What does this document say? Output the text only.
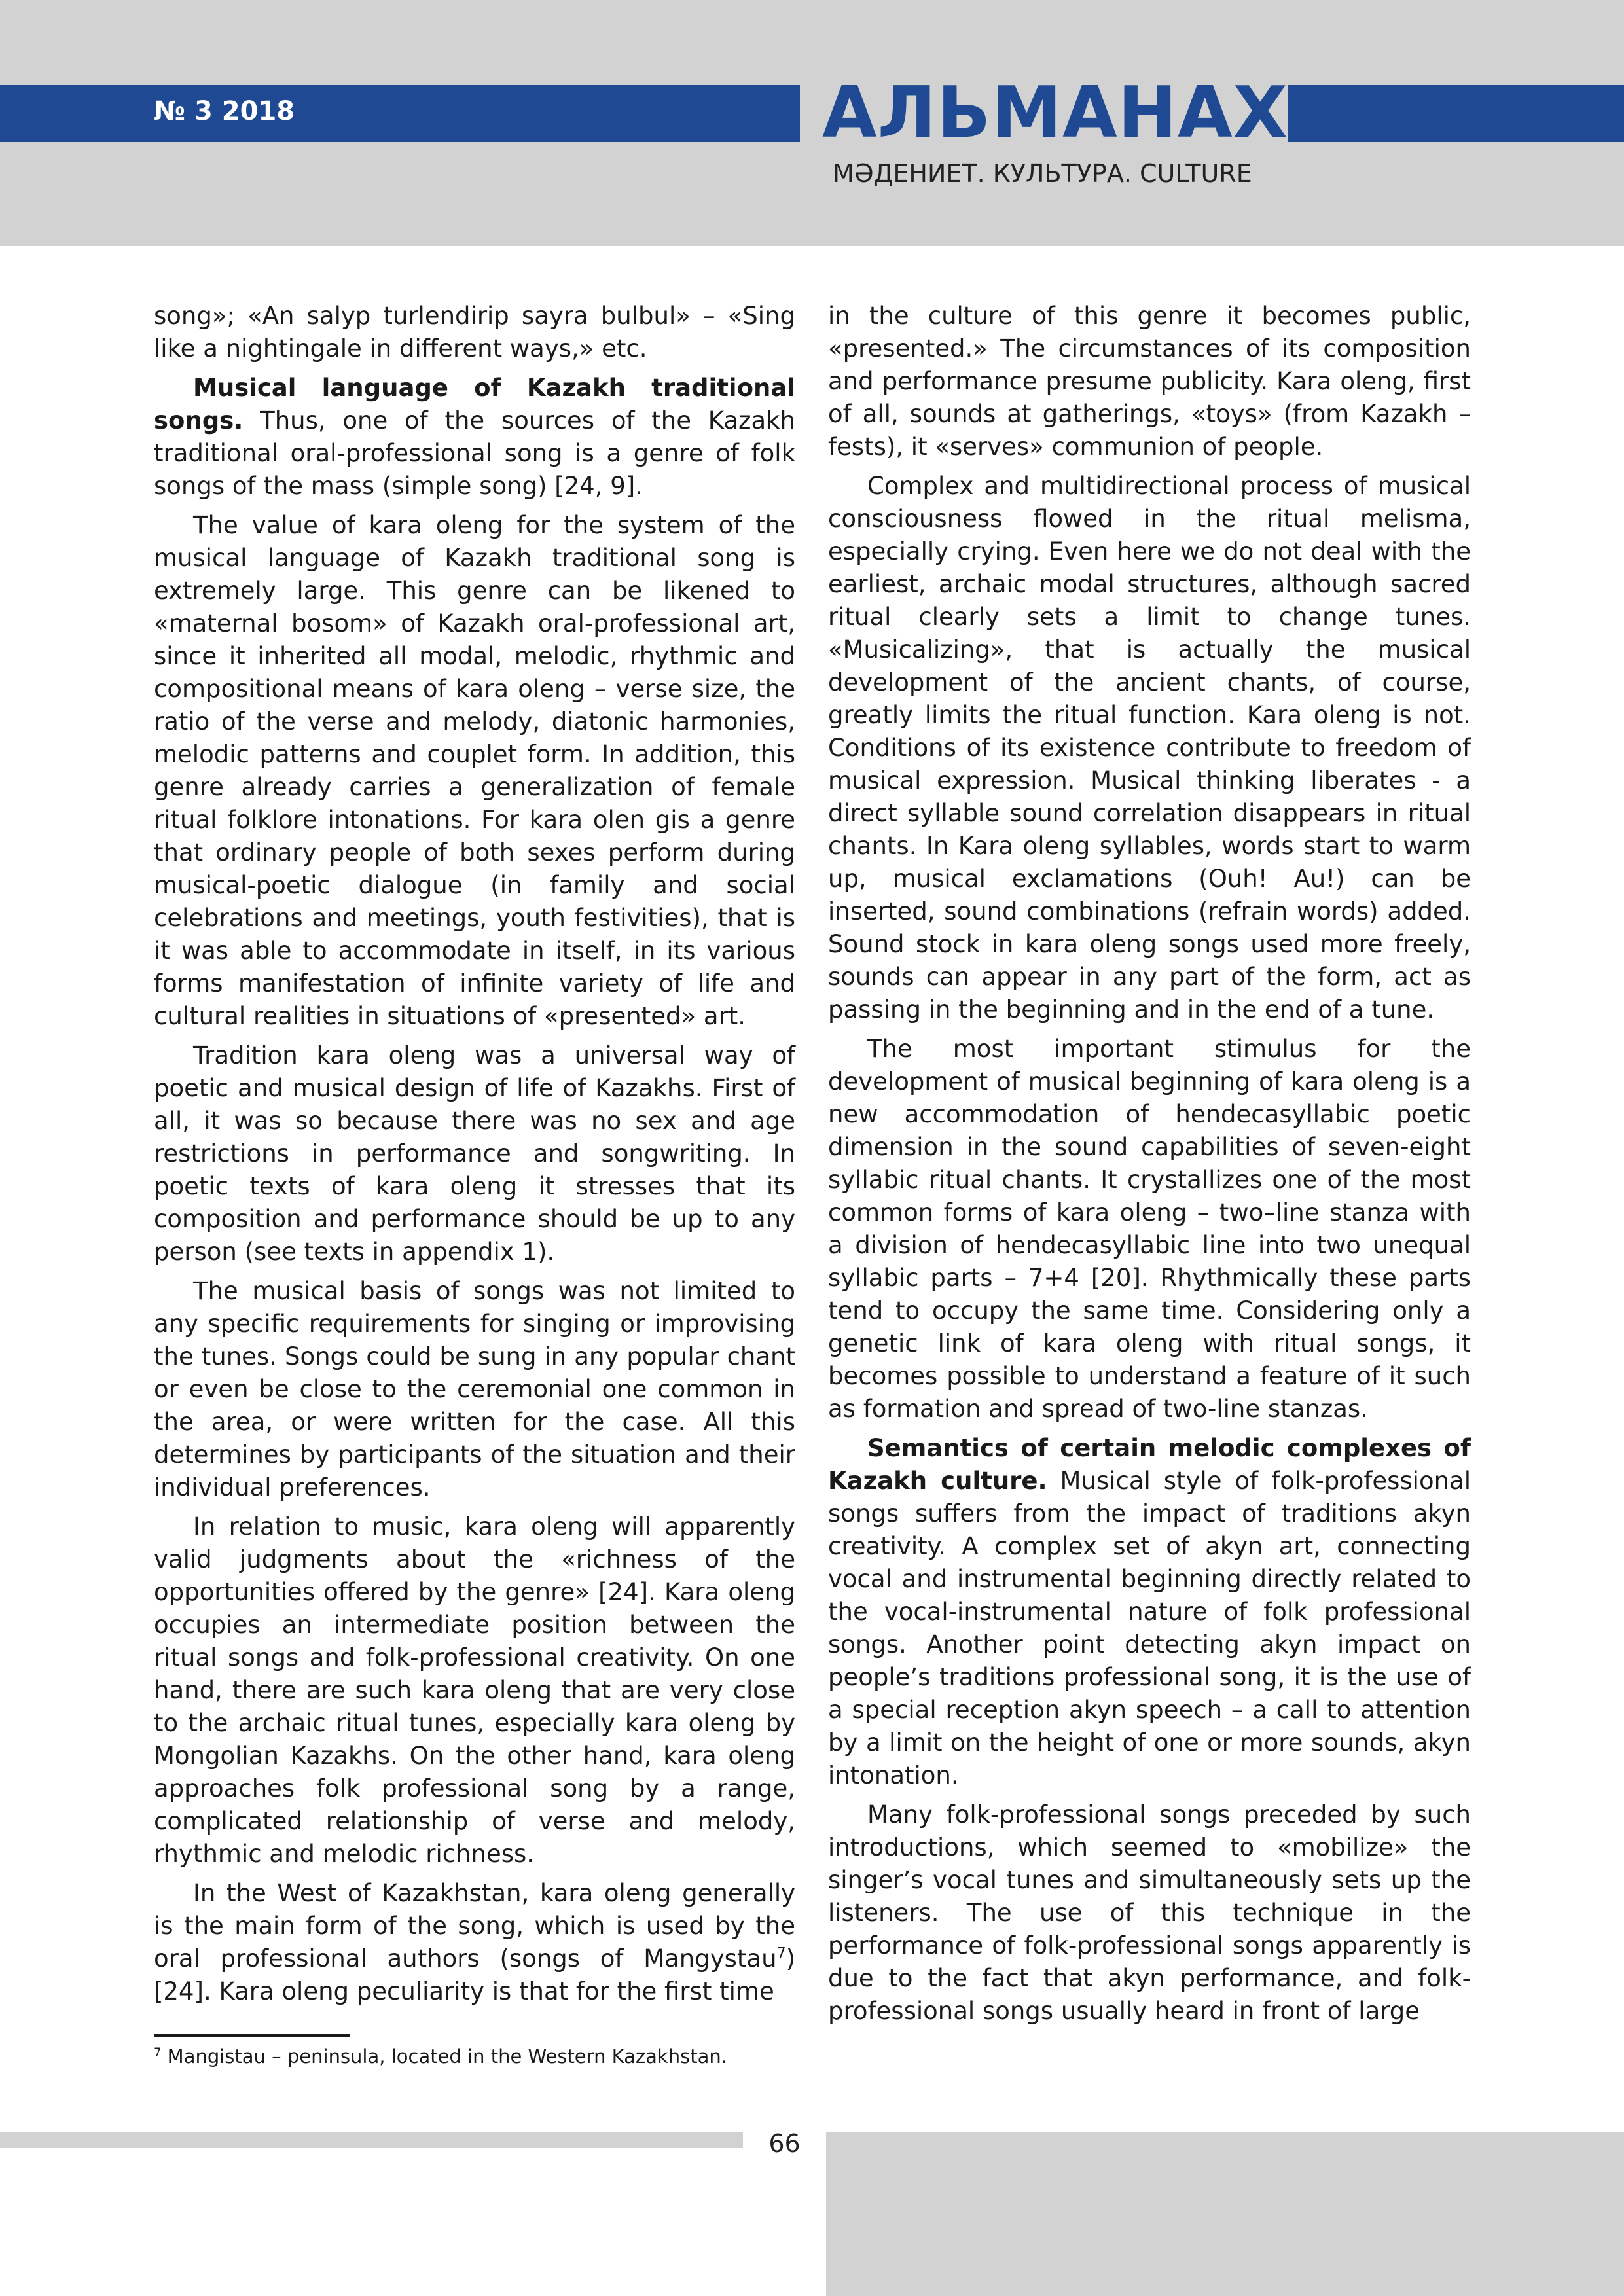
№ 3 2018	АЛЬМАНАХ
МӘДЕНИЕТ. КУЛЬТУРА. CULTURE

song»; «An salyp turlendirip sayra bulbul» – «Sing like a nightingale in different ways,» etc.

Musical language of Kazakh traditional songs. Thus, one of the sources of the Kazakh traditional oral-professional song is a genre of folk songs of the mass (simple song) [24, 9].

The value of kara oleng for the system of the musical language of Kazakh traditional song is extremely large. This genre can be likened to «maternal bosom» of Kazakh oral-professional art, since it inherited all modal, melodic, rhythmic and compositional means of kara oleng – verse size, the ratio of the verse and melody, diatonic harmonies, melodic patterns and couplet form. In addition, this genre already carries a generalization of female ritual folklore intonations. For kara olen gis a genre that ordinary people of both sexes perform during musical-poetic dialogue (in family and social celebrations and meetings, youth festivities), that is it was able to accommodate in itself, in its various forms manifestation of infinite variety of life and cultural realities in situations of «presented» art.

Tradition kara oleng was a universal way of poetic and musical design of life of Kazakhs. First of all, it was so because there was no sex and age restrictions in performance and songwriting. In poetic texts of kara oleng it stresses that its composition and performance should be up to any person (see texts in appendix 1).

The musical basis of songs was not limited to any specific requirements for singing or improvising the tunes. Songs could be sung in any popular chant or even be close to the ceremonial one common in the area, or were written for the case. All this determines by participants of the situation and their individual preferences.

In relation to music, kara oleng will apparently valid judgments about the «richness of the opportunities offered by the genre» [24]. Kara oleng occupies an intermediate position between the ritual songs and folk-professional creativity. On one hand, there are such kara oleng that are very close to the archaic ritual tunes, especially kara oleng by Mongolian Kazakhs. On the other hand, kara oleng approaches folk professional song by a range, complicated relationship of verse and melody, rhythmic and melodic richness.

In the West of Kazakhstan, kara oleng generally is the main form of the song, which is used by the oral professional authors (songs of Mangystau$^7$) [24]. Kara oleng peculiarity is that for the first time

in the culture of this genre it becomes public, «presented.» The circumstances of its composition and performance presume publicity. Kara oleng, first of all, sounds at gatherings, «toys» (from Kazakh – fests), it «serves» communion of people.

Complex and multidirectional process of musical consciousness flowed in the ritual melisma, especially crying. Even here we do not deal with the earliest, archaic modal structures, although sacred ritual clearly sets a limit to change tunes. «Musicalizing», that is actually the musical development of the ancient chants, of course, greatly limits the ritual function. Kara oleng is not. Conditions of its existence contribute to freedom of musical expression. Musical thinking liberates - a direct syllable sound correlation disappears in ritual chants. In Kara oleng syllables, words start to warm up, musical exclamations (Ouh! Au!) can be inserted, sound combinations (refrain words) added. Sound stock in kara oleng songs used more freely, sounds can appear in any part of the form, act as passing in the beginning and in the end of a tune.

The most important stimulus for the development of musical beginning of kara oleng is a new accommodation of hendecasyllabic poetic dimension in the sound capabilities of seven-eight syllabic ritual chants. It crystallizes one of the most common forms of kara oleng – two–line stanza with a division of hendecasyllabic line into two unequal syllabic parts – 7+4 [20]. Rhythmically these parts tend to occupy the same time. Considering only a genetic link of kara oleng with ritual songs, it becomes possible to understand a feature of it such as formation and spread of two-line stanzas.

Semantics of certain melodic complexes of Kazakh culture. Musical style of folk-professional songs suffers from the impact of traditions akyn creativity. A complex set of akyn art, connecting vocal and instrumental beginning directly related to the vocal-instrumental nature of folk professional songs. Another point detecting akyn impact on people’s traditions professional song, it is the use of a special reception akyn speech – a call to attention by a limit on the height of one or more sounds, akyn intonation.

Many folk-professional songs preceded by such introductions, which seemed to «mobilize» the singer’s vocal tunes and simultaneously sets up the listeners. The use of this technique in the performance of folk-professional songs apparently is due to the fact that akyn performance, and folk-professional songs usually heard in front of large

$^7$ Mangistau – peninsula, located in the Western Kazakhstan.
66
